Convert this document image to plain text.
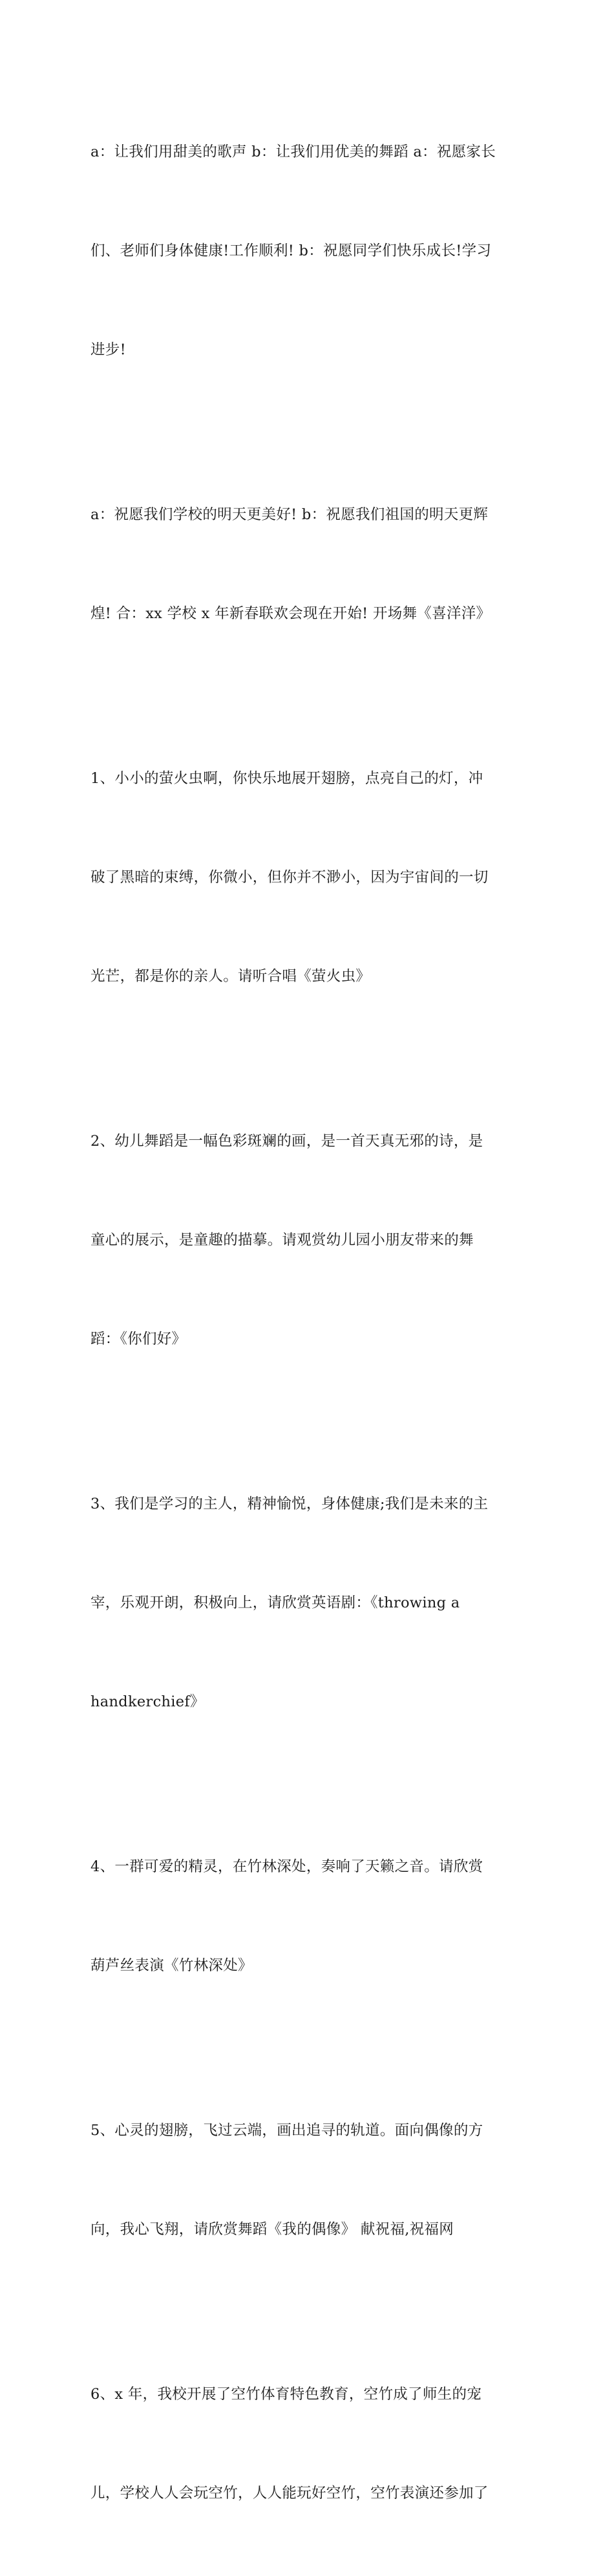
a：让我们用甜美的歌声 b：让我们用优美的舞蹈 a：祝愿家长

们、老师们身体健康!工作顺利! b：祝愿同学们快乐成长!学习

进步!

a：祝愿我们学校的明天更美好! b：祝愿我们祖国的明天更辉

煌! 合：xx 学校 x 年新春联欢会现在开始! 开场舞《喜洋洋》

1、小小的萤火虫啊，你快乐地展开翅膀，点亮自己的灯，冲

破了黑暗的束缚，你微小，但你并不渺小，因为宇宙间的一切

光芒，都是你的亲人。请听合唱《萤火虫》

2、幼儿舞蹈是一幅色彩斑斓的画，是一首天真无邪的诗，是

童心的展示，是童趣的描摹。请观赏幼儿园小朋友带来的舞

蹈：《你们好》

3、我们是学习的主人，精神愉悦，身体健康;我们是未来的主

宰，乐观开朗，积极向上，请欣赏英语剧：《throwing a

handkerchief》

4、一群可爱的精灵，在竹林深处，奏响了天籁之音。请欣赏

葫芦丝表演《竹林深处》

5、心灵的翅膀，飞过云端，画出追寻的轨道。面向偶像的方

向，我心飞翔，请欣赏舞蹈《我的偶像》 献祝福,祝福网

6、x 年，我校开展了空竹体育特色教育，空竹成了师生的宠

儿，学校人人会玩空竹，人人能玩好空竹，空竹表演还参加了
